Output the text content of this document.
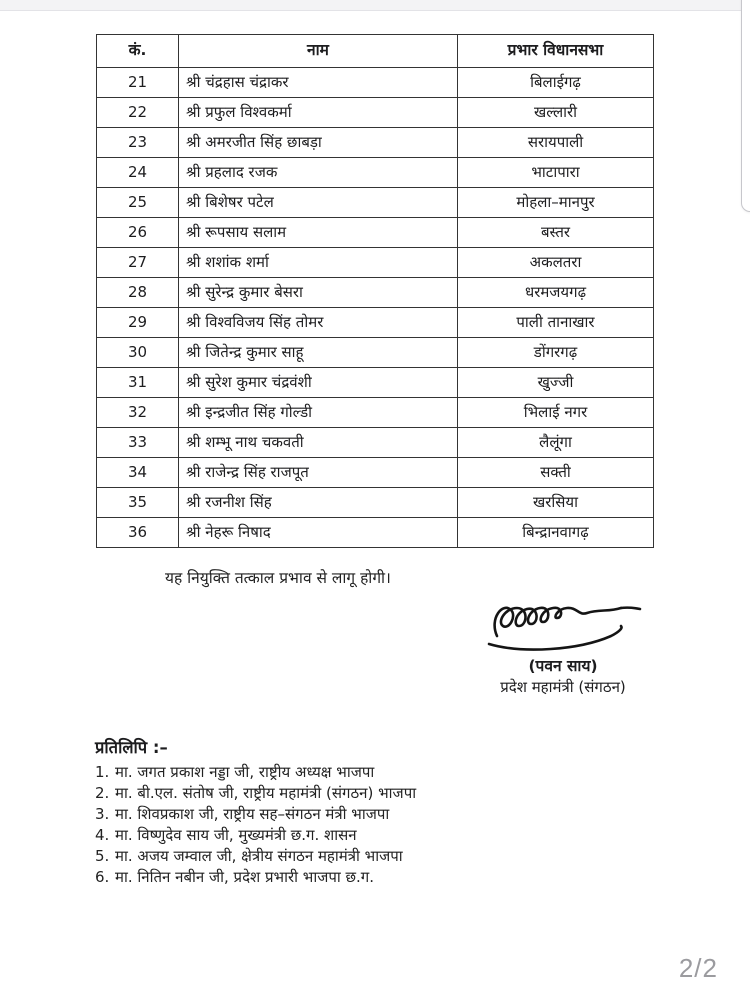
कं.	नाम	प्रभार विधानसभा
21	श्री चंद्रहास चंद्राकर	बिलाईगढ़
22	श्री प्रफुल विश्वकर्मा	खल्लारी
23	श्री अमरजीत सिंह छाबड़ा	सरायपाली
24	श्री प्रहलाद रजक	भाटापारा
25	श्री बिशेषर पटेल	मोहला–मानपुर
26	श्री रूपसाय सलाम	बस्तर
27	श्री शशांक शर्मा	अकलतरा
28	श्री सुरेन्द्र कुमार बेसरा	धरमजयगढ़
29	श्री विश्वविजय सिंह तोमर	पाली तानाखार
30	श्री जितेन्द्र कुमार साहू	डोंगरगढ़
31	श्री सुरेश कुमार चंद्रवंशी	खुज्जी
32	श्री इन्द्रजीत सिंह गोल्डी	भिलाई नगर
33	श्री शम्भू नाथ चकवती	लैलूंगा
34	श्री राजेन्द्र सिंह राजपूत	सक्ती
35	श्री रजनीश सिंह	खरसिया
36	श्री नेहरू निषाद	बिन्द्रानवागढ़
यह नियुक्ति तत्काल प्रभाव से लागू होगी।
(पवन साय)
प्रदेश महामंत्री (संगठन)
प्रतिलिपि :–
1. मा. जगत प्रकाश नड्डा जी, राष्ट्रीय अध्यक्ष भाजपा
2. मा. बी.एल. संतोष जी, राष्ट्रीय महामंत्री (संगठन) भाजपा
3. मा. शिवप्रकाश जी, राष्ट्रीय सह–संगठन मंत्री भाजपा
4. मा. विष्णुदेव साय जी, मुख्यमंत्री छ.ग. शासन
5. मा. अजय जम्वाल जी, क्षेत्रीय संगठन महामंत्री भाजपा
6. मा. नितिन नबीन जी, प्रदेश प्रभारी भाजपा छ.ग.
2/2
